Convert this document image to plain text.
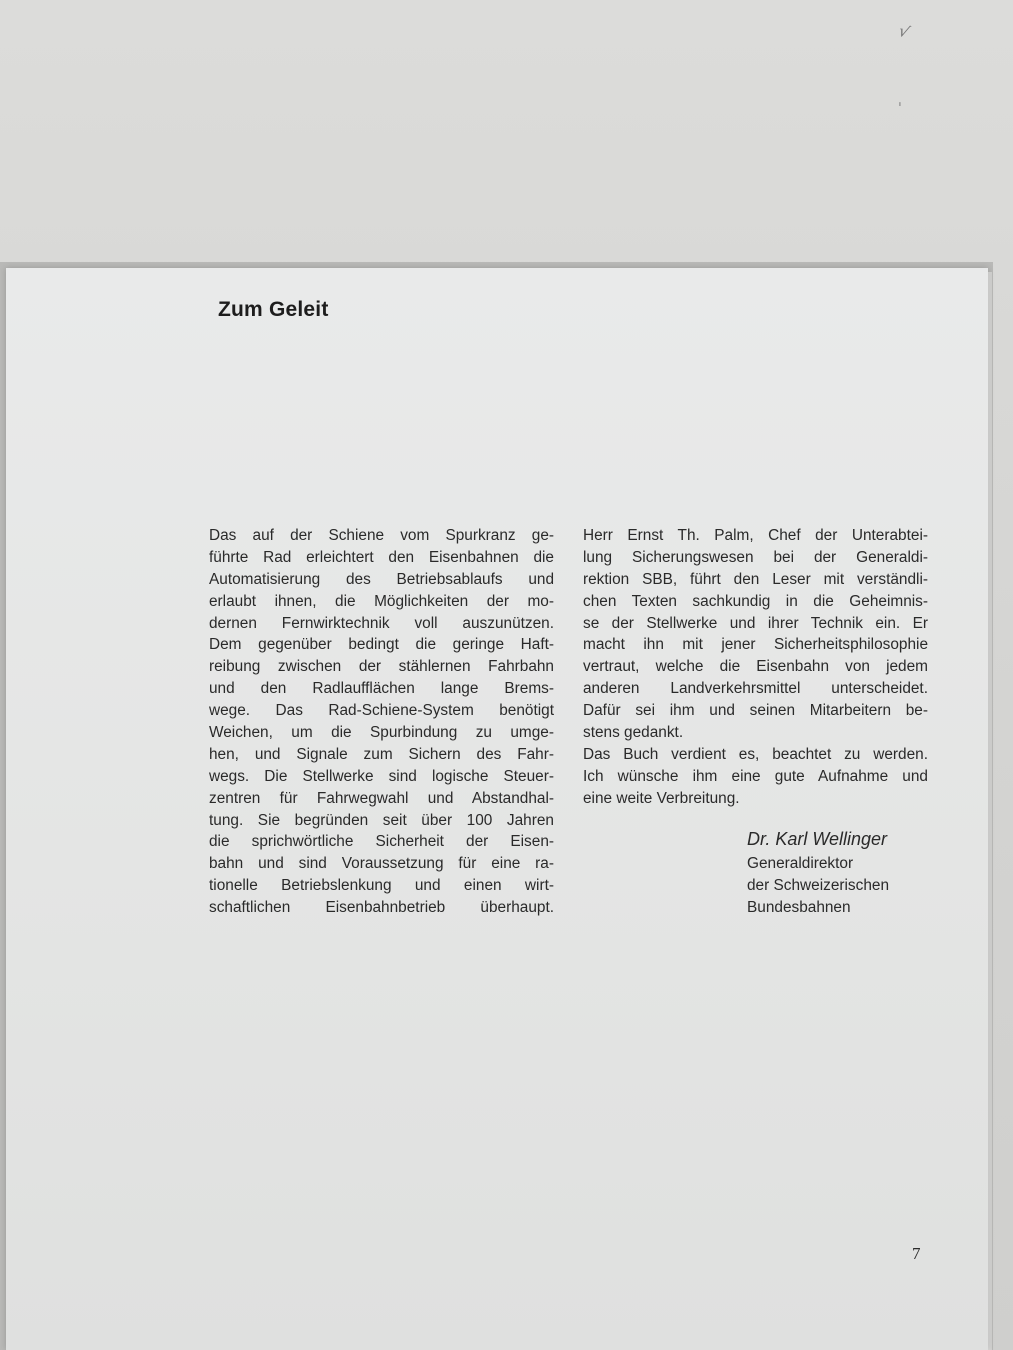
√
ˌ
Zum Geleit
Das auf der Schiene vom Spurkranz ge-
führte Rad erleichtert den Eisenbahnen die
Automatisierung des Betriebsablaufs und
erlaubt ihnen, die Möglichkeiten der mo-
dernen Fernwirktechnik voll auszunützen.
Dem gegenüber bedingt die geringe Haft-
reibung zwischen der stählernen Fahrbahn
und den Radlaufflächen lange Brems-
wege. Das Rad-Schiene-System benötigt
Weichen, um die Spurbindung zu umge-
hen, und Signale zum Sichern des Fahr-
wegs. Die Stellwerke sind logische Steuer-
zentren für Fahrwegwahl und Abstandhal-
tung. Sie begründen seit über 100 Jahren
die sprichwörtliche Sicherheit der Eisen-
bahn und sind Voraussetzung für eine ra-
tionelle Betriebslenkung und einen wirt-
schaftlichen Eisenbahnbetrieb überhaupt.
Herr Ernst Th. Palm, Chef der Unterabtei-
lung Sicherungswesen bei der Generaldi-
rektion SBB, führt den Leser mit verständli-
chen Texten sachkundig in die Geheimnis-
se der Stellwerke und ihrer Technik ein. Er
macht ihn mit jener Sicherheitsphilosophie
vertraut, welche die Eisenbahn von jedem
anderen Landverkehrsmittel unterscheidet.
Dafür sei ihm und seinen Mitarbeitern be-
stens gedankt.
Das Buch verdient es, beachtet zu werden.
Ich wünsche ihm eine gute Aufnahme und
eine weite Verbreitung.
Dr. Karl Wellinger
Generaldirektor
der Schweizerischen
Bundesbahnen
7
